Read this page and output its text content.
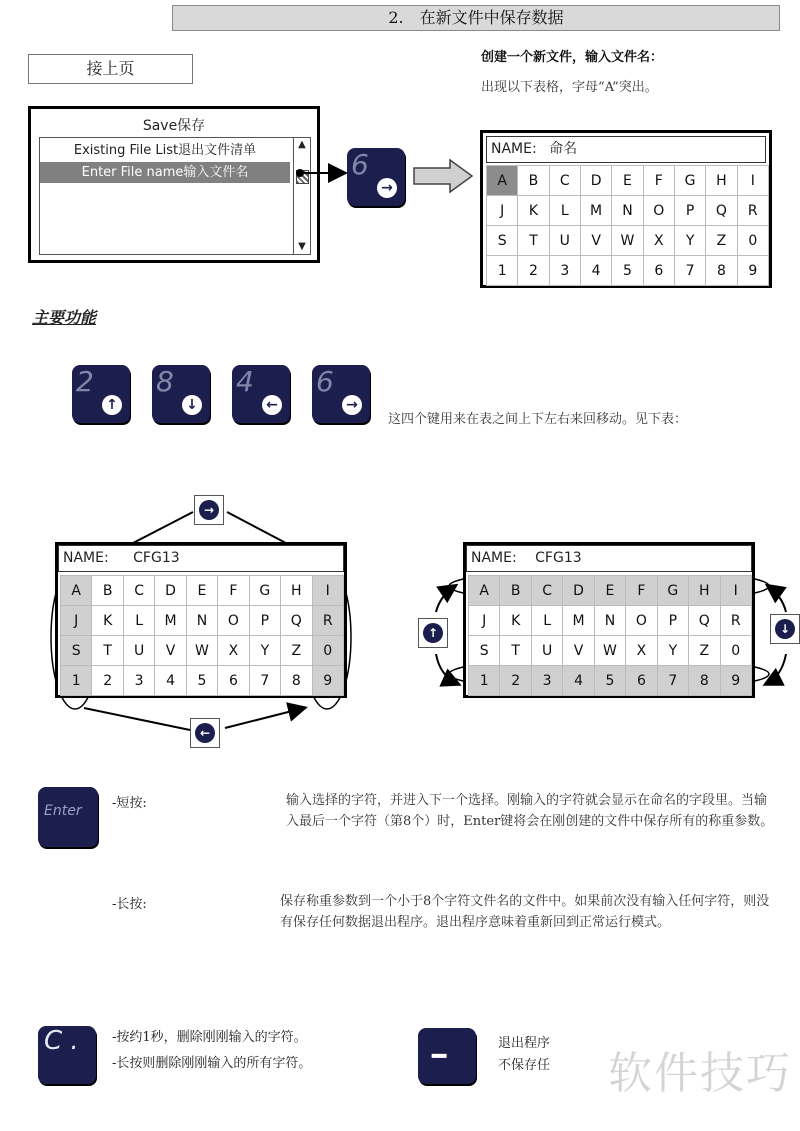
2.　在新文件中保存数据
接上页
创建一个新文件，输入文件名：
出现以下表格，字母“A”突出。
Save保存
Existing File List退出文件清单
Enter File name输入文件名
▲
▼
6
→
NAME: 命名
A	B	C	D	E	F	G	H	I
J	K	L	M	N	O	P	Q	R
S	T	U	V	W	X	Y	Z	0
1	2	3	4	5	6	7	8	9
主要功能
2
↑
8
↓
4
←
6
→
这四个键用来在表之间上下左右来回移动。见下表：
→
NAME: CFG13
A	B	C	D	E	F	G	H	I
J	K	L	M	N	O	P	Q	R
S	T	U	V	W	X	Y	Z	0
1	2	3	4	5	6	7	8	9
←
NAME: CFG13
A	B	C	D	E	F	G	H	I
J	K	L	M	N	O	P	Q	R
S	T	U	V	W	X	Y	Z	0
1	2	3	4	5	6	7	8	9
↑	↓
Enter -短按:	输入选择的字符，并进入下一个选择。刚输入的字符就会显示在命名的字段里。当输入最后一个字符（第8个）时，Enter键将会在刚创建的文件中保存所有的称重参数。
-长按:	保存称重参数到一个小于8个字符文件名的文件中。如果前次没有输入任何字符，则没有保存任何数据退出程序。退出程序意味着重新回到正常运行模式。
C .	-按约1秒，删除刚刚输入的字符。
-长按则删除刚刚输入的所有字符。	━	退出程序
不保存任 软件技巧
